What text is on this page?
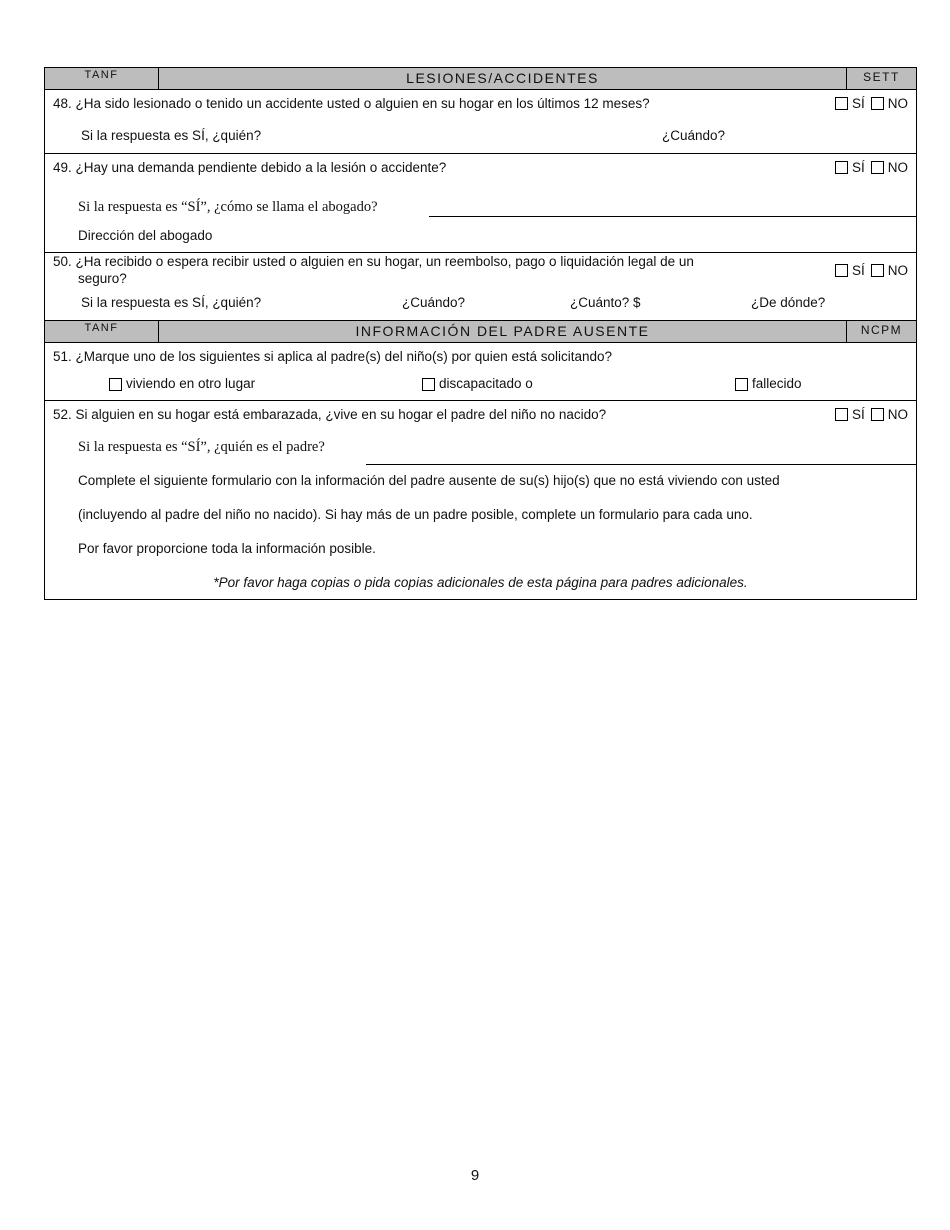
TANF	LESIONES/ACCIDENTES	SETT
48. ¿Ha sido lesionado o tenido un accidente usted o alguien en su hogar en los últimos 12 meses?	SÍ NO
Si la respuesta es SÍ, ¿quién?	¿Cuándo?
49. ¿Hay una demanda pendiente debido a la lesión o accidente?	SÍ NO
Si la respuesta es “SÍ”, ¿cómo se llama el abogado?
Dirección del abogado
50. ¿Ha recibido o espera recibir usted o alguien en su hogar, un reembolso, pago o liquidación legal de un
seguro?
SÍ NO
Si la respuesta es SÍ, ¿quién?	¿Cuándo?	¿Cuánto? $	¿De dónde?
TANF	INFORMACIÓN DEL PADRE AUSENTE	NCPM
51. ¿Marque uno de los siguientes si aplica al padre(s) del niño(s) por quien está solicitando?
viviendo en otro lugar	discapacitado o	fallecido
52. Si alguien en su hogar está embarazada, ¿vive en su hogar el padre del niño no nacido?	SÍ NO
Si la respuesta es “SÍ”, ¿quién es el padre?
Complete el siguiente formulario con la información del padre ausente de su(s) hijo(s) que no está viviendo con usted
(incluyendo al padre del niño no nacido). Si hay más de un padre posible, complete un formulario para cada uno.
Por favor proporcione toda la información posible.
*Por favor haga copias o pida copias adicionales de esta página para padres adicionales.
9
